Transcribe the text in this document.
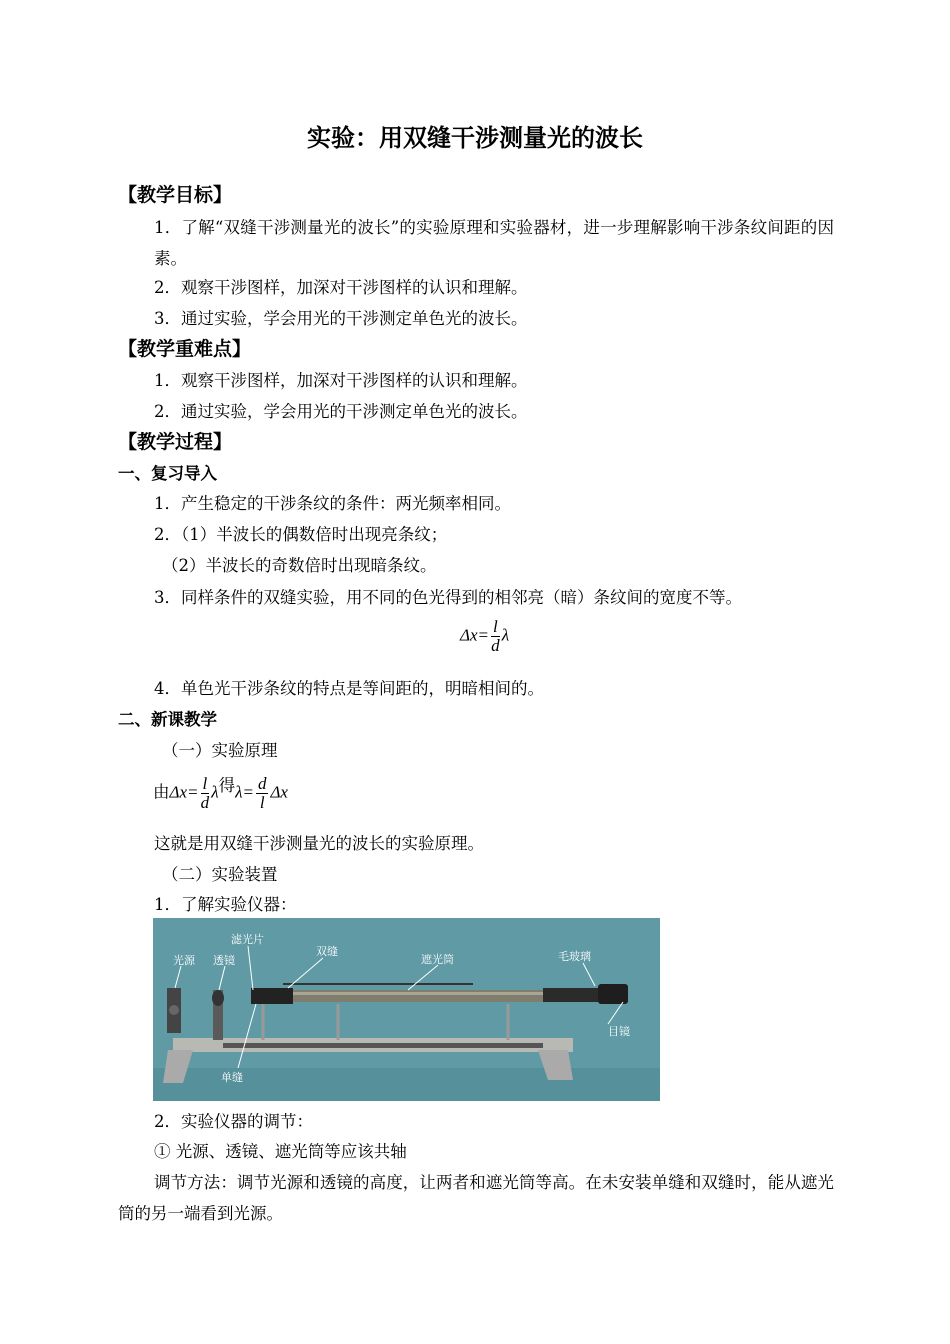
实验：用双缝干涉测量光的波长
【教学目标】
1．了解“双缝干涉测量光的波长”的实验原理和实验器材，进一步理解影响干涉条纹间距的因素。
2．观察干涉图样，加深对干涉图样的认识和理解。
3．通过实验，学会用光的干涉测定单色光的波长。
【教学重难点】
1．观察干涉图样，加深对干涉图样的认识和理解。
2．通过实验，学会用光的干涉测定单色光的波长。
【教学过程】
一、复习导入
1．产生稳定的干涉条纹的条件：两光频率相同。
2．（1）半波长的偶数倍时出现亮条纹；
（2）半波长的奇数倍时出现暗条纹。
3．同样条件的双缝实验，用不同的色光得到的相邻亮（暗）条纹间的宽度不等。
$\Delta x= \frac{l}{d}$ λ
4．单色光干涉条纹的特点是等间距的，明暗相间的。
二、新课教学
（一）实验原理
由$\Delta x= \frac{l}{d}$ λ得$\lambda= \frac{d}{l}$ Δx
这就是用双缝干涉测量光的波长的实验原理。
（二）实验装置
1．了解实验仪器：
光源 透镜
滤光片
双缝
遮光筒	毛玻璃
目镜
单缝
2．实验仪器的调节：
① 光源、透镜、遮光筒等应该共轴
调节方法：调节光源和透镜的高度，让两者和遮光筒等高。在未安装单缝和双缝时，能从遮光筒的另一端看到光源。
